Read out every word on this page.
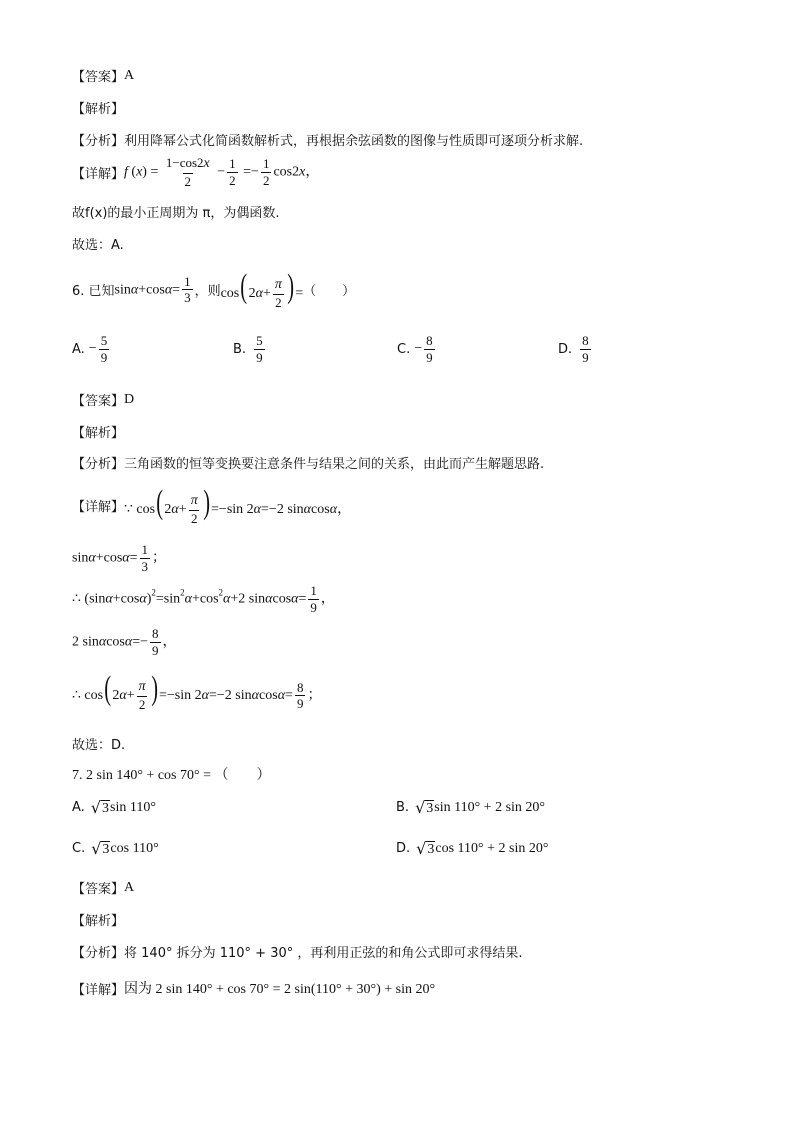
【答案】 A
【解析】
【分析】 利用降幂公式化简函数解析式，再根据余弦函数的图像与性质即可逐项分析求解.
【详解】 f $(x) = \frac{1-\cos 2x}{2} - \frac{1}{2} =- \frac{1}{2} \cos 2x$，
故f(x)的最小正周期为 π，为偶函数.
故选：A.
6. 已知 $\sin\alpha+\cos\alpha= \frac{1}{3}$ ，则 $\cos(2\alpha+ \frac{\pi}{2}$ )= （　　）
A. − $\frac{5}{9}$	B. $\frac{5}{9}$	C. − $\frac{8}{9}$	D. $\frac{8}{9}$
【答案】 D
【解析】
【分析】 三角函数的恒等变换要注意条件与结果之间的关系，由此而产生解题思路.
【详解】 ∵ $\cos(2\alpha+ \frac{\pi}{2} )=-\sin$ 2α=−2 sinαcosα，
$\sin\alpha+\cos\alpha= \frac{1}{3}$ ；
∴ $(\sin\alpha+\cos\alpha)^2=\sin^2\alpha+\cos^2\alpha+2$ $\sin\alpha\cos\alpha= \frac{1}{9}$ ，
2 $\sin\alpha\cos\alpha=- \frac{8}{9}$ ，
∴ $\cos(2\alpha+ \frac{\pi}{2} )=-\sin$ 2α=−2 $\sin\alpha\cos\alpha= \frac{8}{9}$ ；
故选：D.
7. 2 sin 140° + cos 70° = （　　）
A. √ 3 sin 110°	B. √ 3 sin 110° + 2 sin 20°
C. √ 3 cos 110°	D. √ 3 cos 110° + 2 sin 20°
【答案】 A
【解析】
【分析】 将 140° 拆分为 110° + 30° ，再利用正弦的和角公式即可求得结果.
【详解】 因为 2 sin 140° + cos 70° = 2 sin(110° + 30°) + sin 20°
